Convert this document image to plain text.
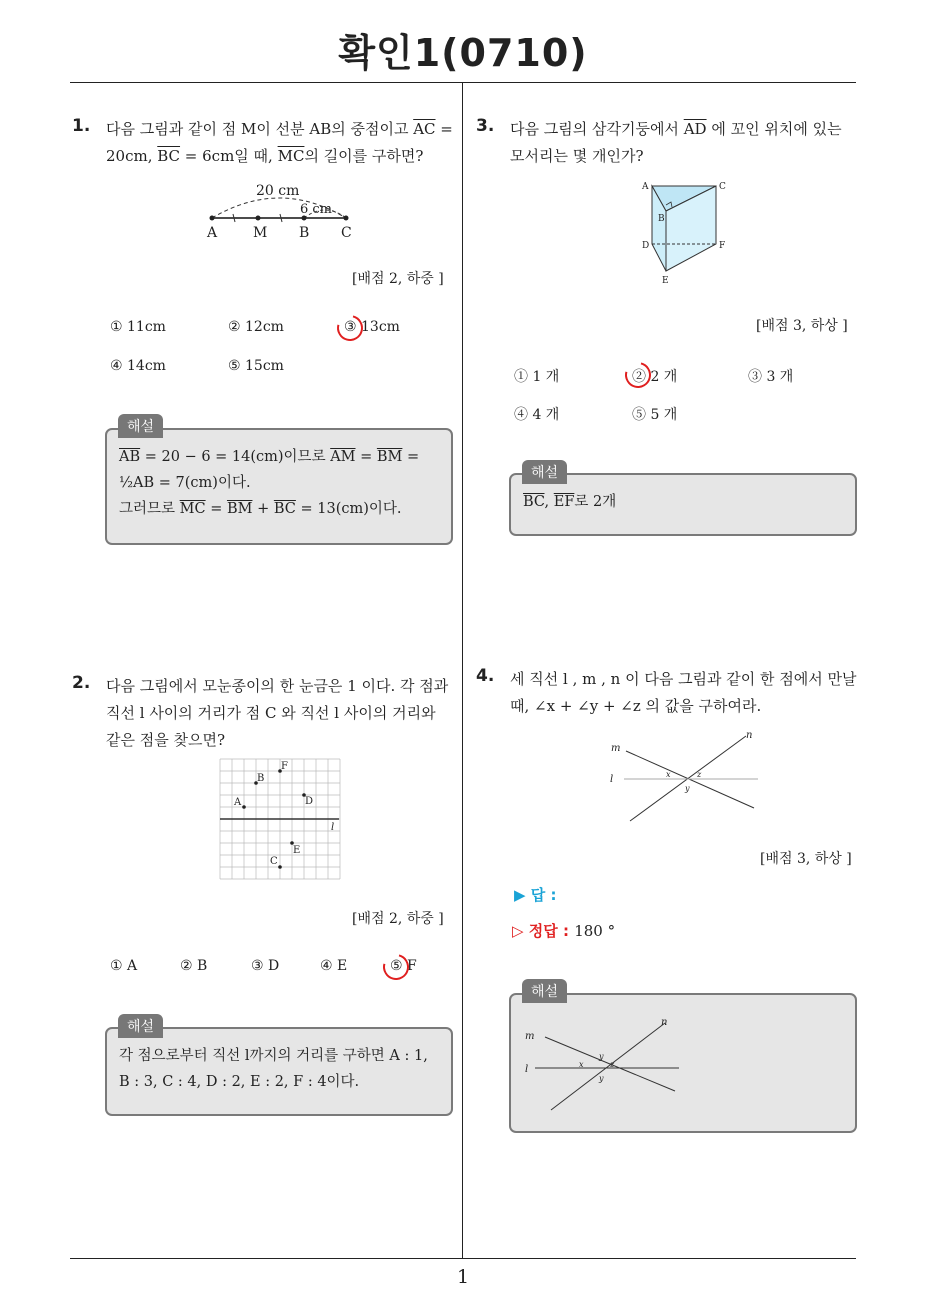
확인1(0710)
1
1. 다음 그림과 같이 점 M이 선분 AB의 중점이고 $\overline{AC}$ =
20cm, $\overline{BC} = 6cm$일 때, $\overline{MC}$의 길이를 구하면?
20 cm
6 cm
A	M B C
[배점 2, 하중 ]
① 11cm	② 12cm	③ 13cm
④ 14cm	⑤ 15cm
$\overline{AB} = 20 - 6 = 14(cm)$이므로 $\overline{AM} = \overline{BM}$ =
½AB = 7(cm)이다.
그러므로 $\overline{MC} = \overline{BM} + \overline{BC} = 13(cm)$이다.
해설
2. 다음 그림에서 모눈종이의 한 눈금은 1 이다. 각 점과
직선 l 사이의 거리가 점 C 와 직선 l 사이의 거리와
같은 점을 찾으면?
l
A
B
C
D
E
F
[배점 2, 하중 ]
① A	② B	③ D	④ E	⑤ F
각 점으로부터 직선 l까지의 거리를 구하면 A : 1,
B : 3, C : 4, D : 2, E : 2, F : 4이다.
해설
3. 다음 그림의 삼각기둥에서 $\overline{AD}$ 에 꼬인 위치에 있는
모서리는 몇 개인가?
A
B
C
D
E
F
[배점 3, 하상 ]
① 1 개	② 2 개	③ 3 개
④ 4 개	⑤ 5 개
$\overline{BC}$, $\overline{EF}$로 2개
해설
4. 세 직선 l , m , n 이 다음 그림과 같이 한 점에서 만날
때, ∠x + ∠y + ∠z 의 값을 구하여라.
m
n
l	x
y
z
[배점 3, 하상 ]
▶ 답 :
▷ 정답 : 180 °
m
n
l	x
y
y
z
해설
